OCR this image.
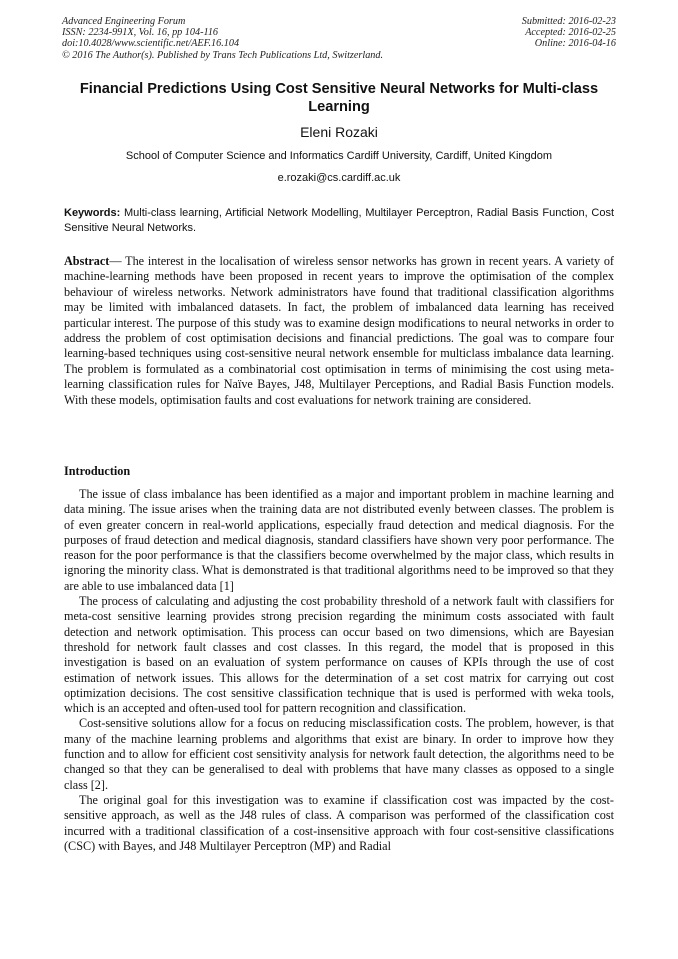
Advanced Engineering Forum
ISSN: 2234-991X, Vol. 16, pp 104-116
doi:10.4028/www.scientific.net/AEF.16.104
© 2016 The Author(s). Published by Trans Tech Publications Ltd, Switzerland.
Submitted: 2016-02-23
Accepted: 2016-02-25
Online: 2016-04-16
Financial Predictions Using Cost Sensitive Neural Networks for Multi-class Learning
Eleni Rozaki
School of Computer Science and Informatics Cardiff University, Cardiff, United Kingdom
e.rozaki@cs.cardiff.ac.uk
Keywords: Multi-class learning, Artificial Network Modelling, Multilayer Perceptron, Radial Basis Function, Cost Sensitive Neural Networks.
Abstract— The interest in the localisation of wireless sensor networks has grown in recent years. A variety of machine-learning methods have been proposed in recent years to improve the optimisation of the complex behaviour of wireless networks. Network administrators have found that traditional classification algorithms may be limited with imbalanced datasets. In fact, the problem of imbalanced data learning has received particular interest. The purpose of this study was to examine design modifications to neural networks in order to address the problem of cost optimisation decisions and financial predictions. The goal was to compare four learning-based techniques using cost-sensitive neural network ensemble for multiclass imbalance data learning. The problem is formulated as a combinatorial cost optimisation in terms of minimising the cost using meta-learning classification rules for Naïve Bayes, J48, Multilayer Perceptions, and Radial Basis Function models. With these models, optimisation faults and cost evaluations for network training are considered.
Introduction

The issue of class imbalance has been identified as a major and important problem in machine learning and data mining. The issue arises when the training data are not distributed evenly between classes. The problem is of even greater concern in real-world applications, especially fraud detection and medical diagnosis. For the purposes of fraud detection and medical diagnosis, standard classifiers have shown very poor performance. The reason for the poor performance is that the classifiers become overwhelmed by the major class, which results in ignoring the minority class. What is demonstrated is that traditional algorithms need to be improved so that they are able to use imbalanced data [1]

The process of calculating and adjusting the cost probability threshold of a network fault with classifiers for meta-cost sensitive learning provides strong precision regarding the minimum costs associated with fault detection and network optimisation. This process can occur based on two dimensions, which are Bayesian threshold for network fault classes and cost classes. In this regard, the model that is proposed in this investigation is based on an evaluation of system performance on causes of KPIs through the use of cost estimation of network issues. This allows for the determination of a set cost matrix for carrying out cost optimization decisions. The cost sensitive classification technique that is used is performed with weka tools, which is an accepted and often-used tool for pattern recognition and classification.

Cost-sensitive solutions allow for a focus on reducing misclassification costs. The problem, however, is that many of the machine learning problems and algorithms that exist are binary. In order to improve how they function and to allow for efficient cost sensitivity analysis for network fault detection, the algorithms need to be changed so that they can be generalised to deal with problems that have many classes as opposed to a single class [2].

The original goal for this investigation was to examine if classification cost was impacted by the cost-sensitive approach, as well as the J48 rules of class. A comparison was performed of the classification cost incurred with a traditional classification of a cost-insensitive approach with four cost-sensitive classifications (CSC) with Bayes, and J48 Multilayer Perceptron (MP) and Radial
